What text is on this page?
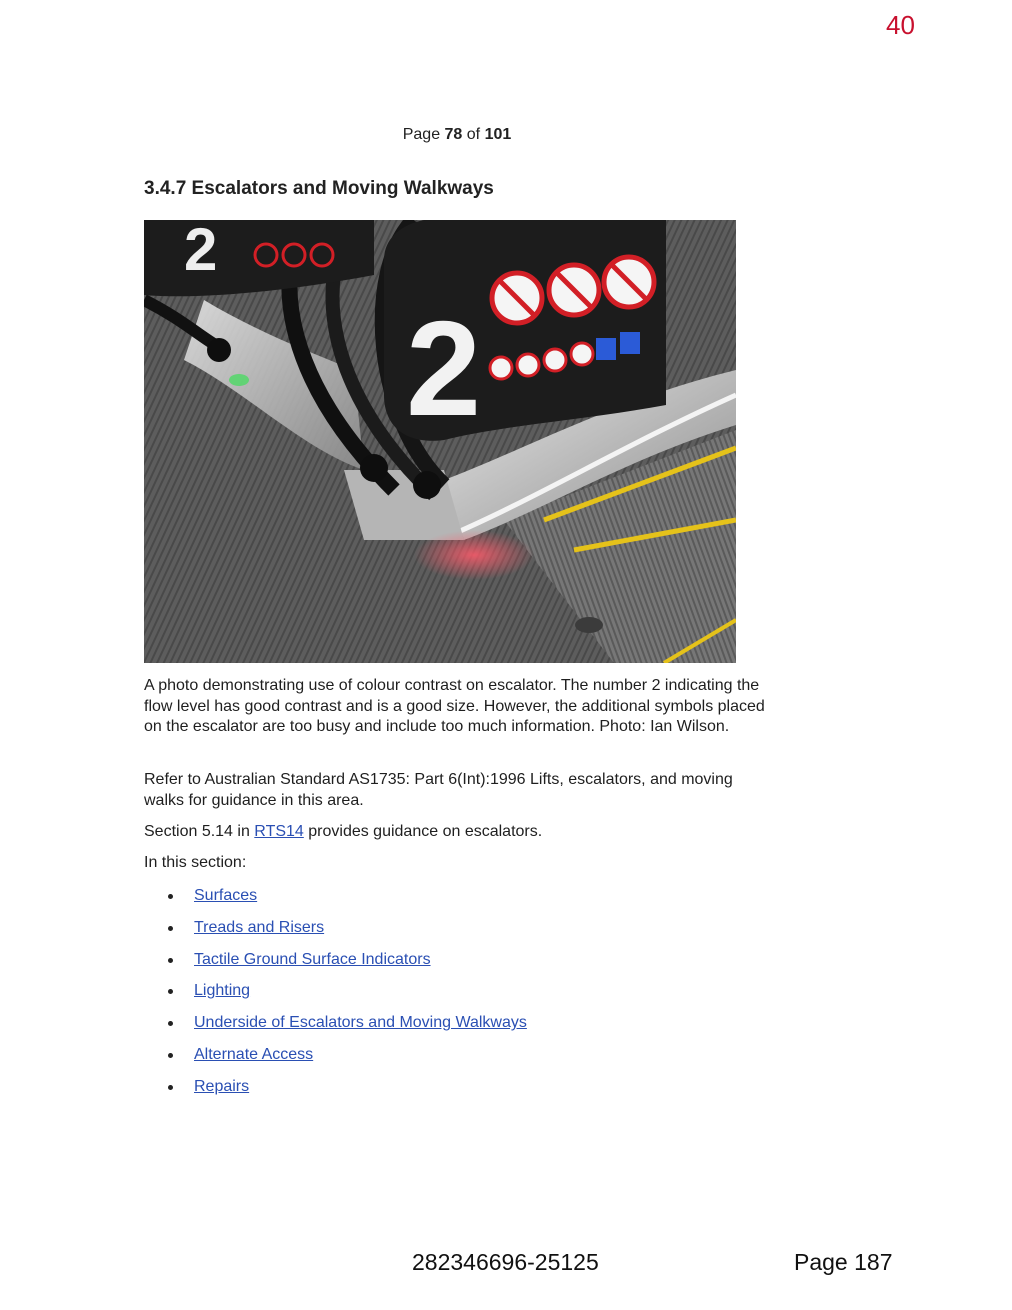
40
Page 78 of 101
3.4.7 Escalators and Moving Walkways
2
2

A photo demonstrating use of colour contrast on escalator. The number 2 indicating the flow level has good contrast and is a good size. However, the additional symbols placed on the escalator are too busy and include too much information. Photo: Ian Wilson.

Refer to Australian Standard AS1735: Part 6(Int):1996 Lifts, escalators, and moving walks for guidance in this area.

Section 5.14 in RTS14 provides guidance on escalators.

In this section:

Surfaces
Treads and Risers
Tactile Ground Surface Indicators
Lighting
Underside of Escalators and Moving Walkways
Alternate Access
Repairs
282346696-25125	Page 187
